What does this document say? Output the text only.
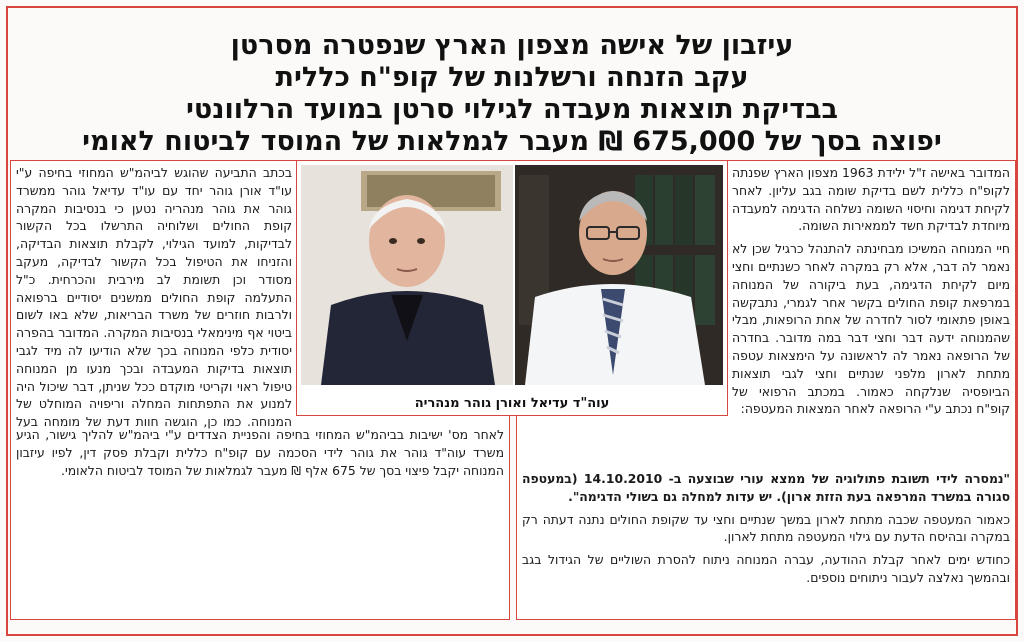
עיזבון של אישה מצפון הארץ שנפטרה מסרטן
עקב הזנחה ורשלנות של קופ"ח כללית
בבדיקת תוצאות מעבדה לגילוי סרטן במועד הרלוונטי
יפוצה בסך של 675,000 ₪ מעבר לגמלאות של המוסד לביטוח לאומי

המדובר באישה ז"ל ילידת 1963 מצפון הארץ שפנתה לקופ"ח כללית לשם בדיקת שומה בגב עליון. לאחר לקיחת דגימה וחיסוי השומה נשלחה הדגימה למעבדה מיוחדת לבדיקת חשד לממאירות השומה.

חיי המנוחה המשיכו מבחינתה להתנהל כרגיל שכן לא נאמר לה דבר, אלא רק במקרה לאחר כשנתיים וחצי מיום לקיחת הדגימה, בעת ביקורה של המנוחה במרפאת קופת החולים בקשר אחר לגמרי, נתבקשה באופן פתאומי לסור לחדרה של אחת הרופאות, מבלי שהמנוחה ידעה דבר וחצי דבר במה מדובר. בחדרה של הרופאה נאמר לה לראשונה על הימצאות עטפה מתחת לארון מלפני שנתיים וחצי לגבי תוצאות הביופסיה שנלקחה כאמור. במכתב הרפואי של קופ"ח נכתב ע"י הרופאה לאחר המצאות המעטפה:

"נמסרה לידי תשובת פתולוגיה של ממצא עורי שבוצעה ב- 14.10.2010 (במעטפה סגורה במשרד המרפאה בעת הזזת ארון). יש עדות למחלה גם בשולי הדגימה".

כאמור המעטפה שכבה מתחת לארון במשך שנתיים וחצי עד שקופת החולים נתנה דעתה רק במקרה ובהיסח הדעת עם גילוי המעטפה מתחת לארון.

כחודש ימים לאחר קבלת ההודעה, עברה המנוחה ניתוח להסרת השוליים של הגידול בגב ובהמשך נאלצה לעבור ניתוחים נוספים.

בכתב התביעה שהוגש לביהמ"ש המחוזי בחיפה ע"י עו"ד אורן גוהר יחד עם עו"ד עדיאל גוהר ממשרד גוהר את גוהר מנהריה נטען כי בנסיבות המקרה קופת החולים ושלוחיה התרשלו בכל הקשור לבדיקות, למועד הגילוי, לקבלת תוצאות הבדיקה, והזניחו את הטיפול בכל הקשור לבדיקה, מעקב מסודר וכן תשומת לב מירבית והכרחית. כ"ל התעלמה קופת החולים ממשנים יסודיים ברפואה ולרבות חוזרים של משרד הבריאות, שלא באו לשום ביטוי אף מינימאלי בנסיבות המקרה. המדובר בהפרה יסודית כלפי המנוחה בכך שלא הודיעו לה מיד לגבי תוצאות בדיקות המעבדה ובכך מנעו מן המנוחה טיפול ראוי וקריטי מוקדם ככל שניתן, דבר שיכול היה למנוע את התפתחות המחלה וריפויה המוחלט של המנוחה. כמו כן, הוגשה חוות דעת של מומחה בעל

לאחר מס' ישיבות בביהמ"ש המחוזי בחיפה והפניית הצדדים ע"י ביהמ"ש להליך גישור, הגיע משרד עוה"ד גוהר את גוהר לידי הסכמה עם קופ"ח כללית וקבלת פסק דין, לפיו עיזבון המנוחה יקבל פיצוי בסך של 675 אלף ₪ מעבר לגמלאות של המוסד לביטוח הלאומי.

עוה"ד עדיאל ואורן גוהר מנהריה
